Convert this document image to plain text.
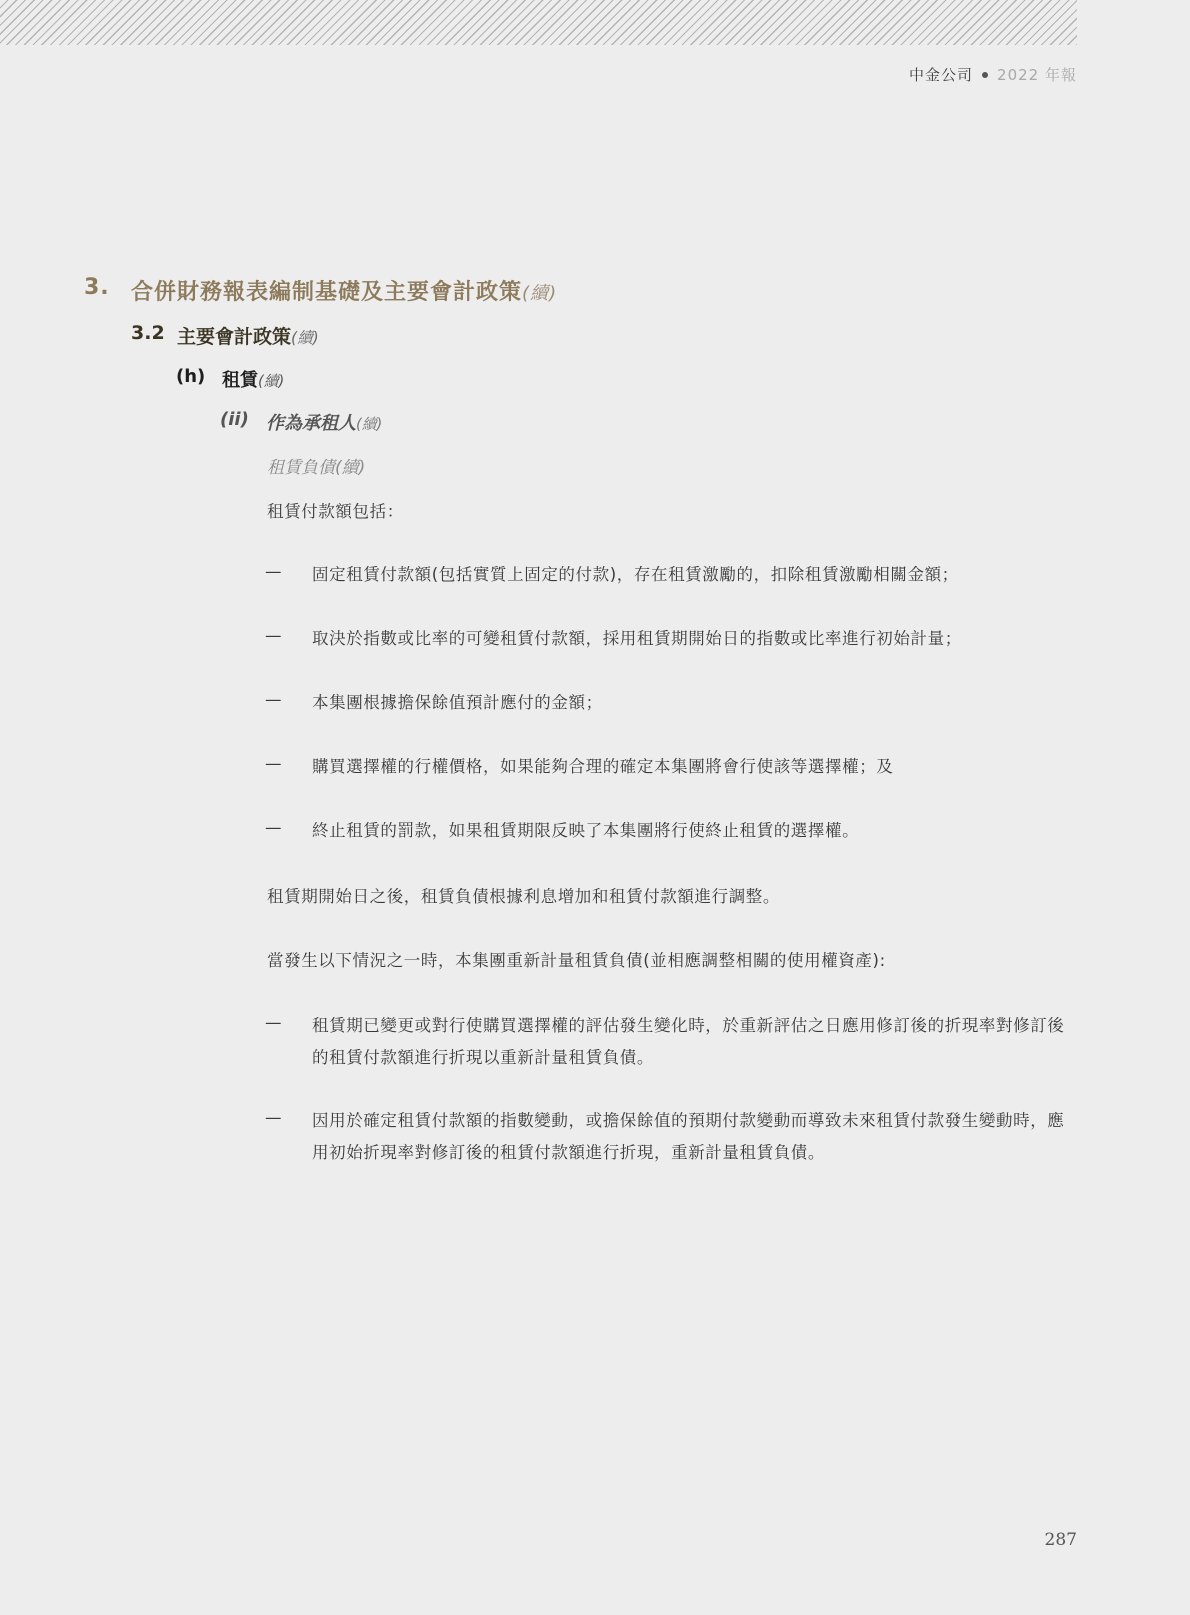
中金公司 2022 年報
3. 合併財務報表編制基礎及主要會計政策(續)
3.2 主要會計政策(續)
(h) 租賃(續)
(ii) 作為承租人(續)
租賃負債(續)
租賃付款額包括：
— 固定租賃付款額(包括實質上固定的付款)，存在租賃激勵的，扣除租賃激勵相關金額；
— 取決於指數或比率的可變租賃付款額，採用租賃期開始日的指數或比率進行初始計量；
— 本集團根據擔保餘值預計應付的金額；
— 購買選擇權的行權價格，如果能夠合理的確定本集團將會行使該等選擇權；及
— 終止租賃的罰款，如果租賃期限反映了本集團將行使終止租賃的選擇權。
租賃期開始日之後，租賃負債根據利息增加和租賃付款額進行調整。
當發生以下情況之一時，本集團重新計量租賃負債(並相應調整相關的使用權資產):
— 租賃期已變更或對行使購買選擇權的評估發生變化時，於重新評估之日應用修訂後的折現率對修訂後的租賃付款額進行折現以重新計量租賃負債。
— 因用於確定租賃付款額的指數變動，或擔保餘值的預期付款變動而導致未來租賃付款發生變動時，應用初始折現率對修訂後的租賃付款額進行折現，重新計量租賃負債。
287
